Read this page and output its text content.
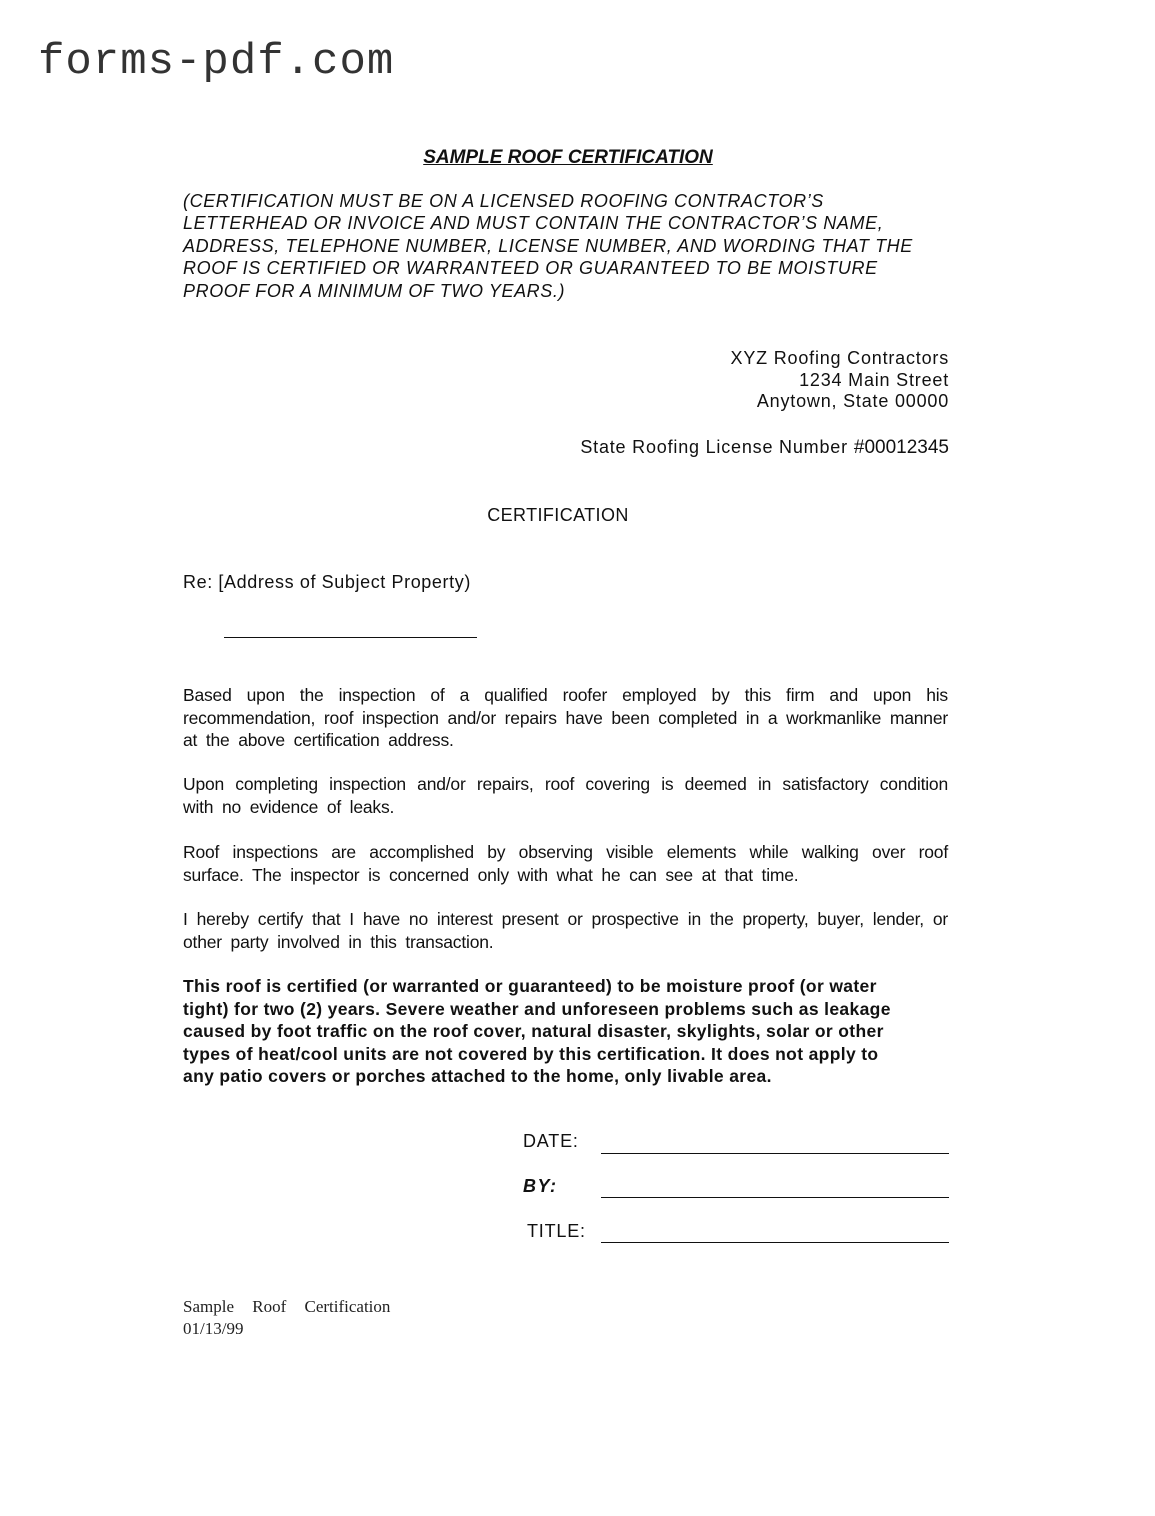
forms-pdf.com
SAMPLE ROOF CERTIFICATION
(CERTIFICATION MUST BE ON A LICENSED ROOFING CONTRACTOR’S
LETTERHEAD OR INVOICE AND MUST CONTAIN THE CONTRACTOR’S NAME,
ADDRESS, TELEPHONE NUMBER, LICENSE NUMBER, AND WORDING THAT THE
ROOF IS CERTIFIED OR WARRANTEED OR GUARANTEED TO BE MOISTURE
PROOF FOR A MINIMUM OF TWO YEARS.)
XYZ Roofing Contractors
1234 Main Street
Anytown, State 00000
State Roofing License Number #00012345
CERTIFICATION
Re: [Address of Subject Property)
Based upon the inspection of a qualified roofer employed by this firm and upon his recommendation, roof inspection and/or repairs have been completed in a workmanlike manner at the above certification address.
Upon completing inspection and/or repairs, roof covering is deemed in satisfactory condition with no evidence of leaks.
Roof inspections are accomplished by observing visible elements while walking over roof surface. The inspector is concerned only with what he can see at that time.
I hereby certify that I have no interest present or prospective in the property, buyer, lender, or other party involved in this transaction.
This roof is certified (or warranted or guaranteed) to be moisture proof (or water
tight) for two (2) years. Severe weather and unforeseen problems such as leakage
caused by foot traffic on the roof cover, natural disaster, skylights, solar or other
types of heat/cool units are not covered by this certification. It does not apply to
any patio covers or porches attached to the home, only livable area.
DATE:
BY:
TITLE:
Sample Roof Certification
01/13/99
